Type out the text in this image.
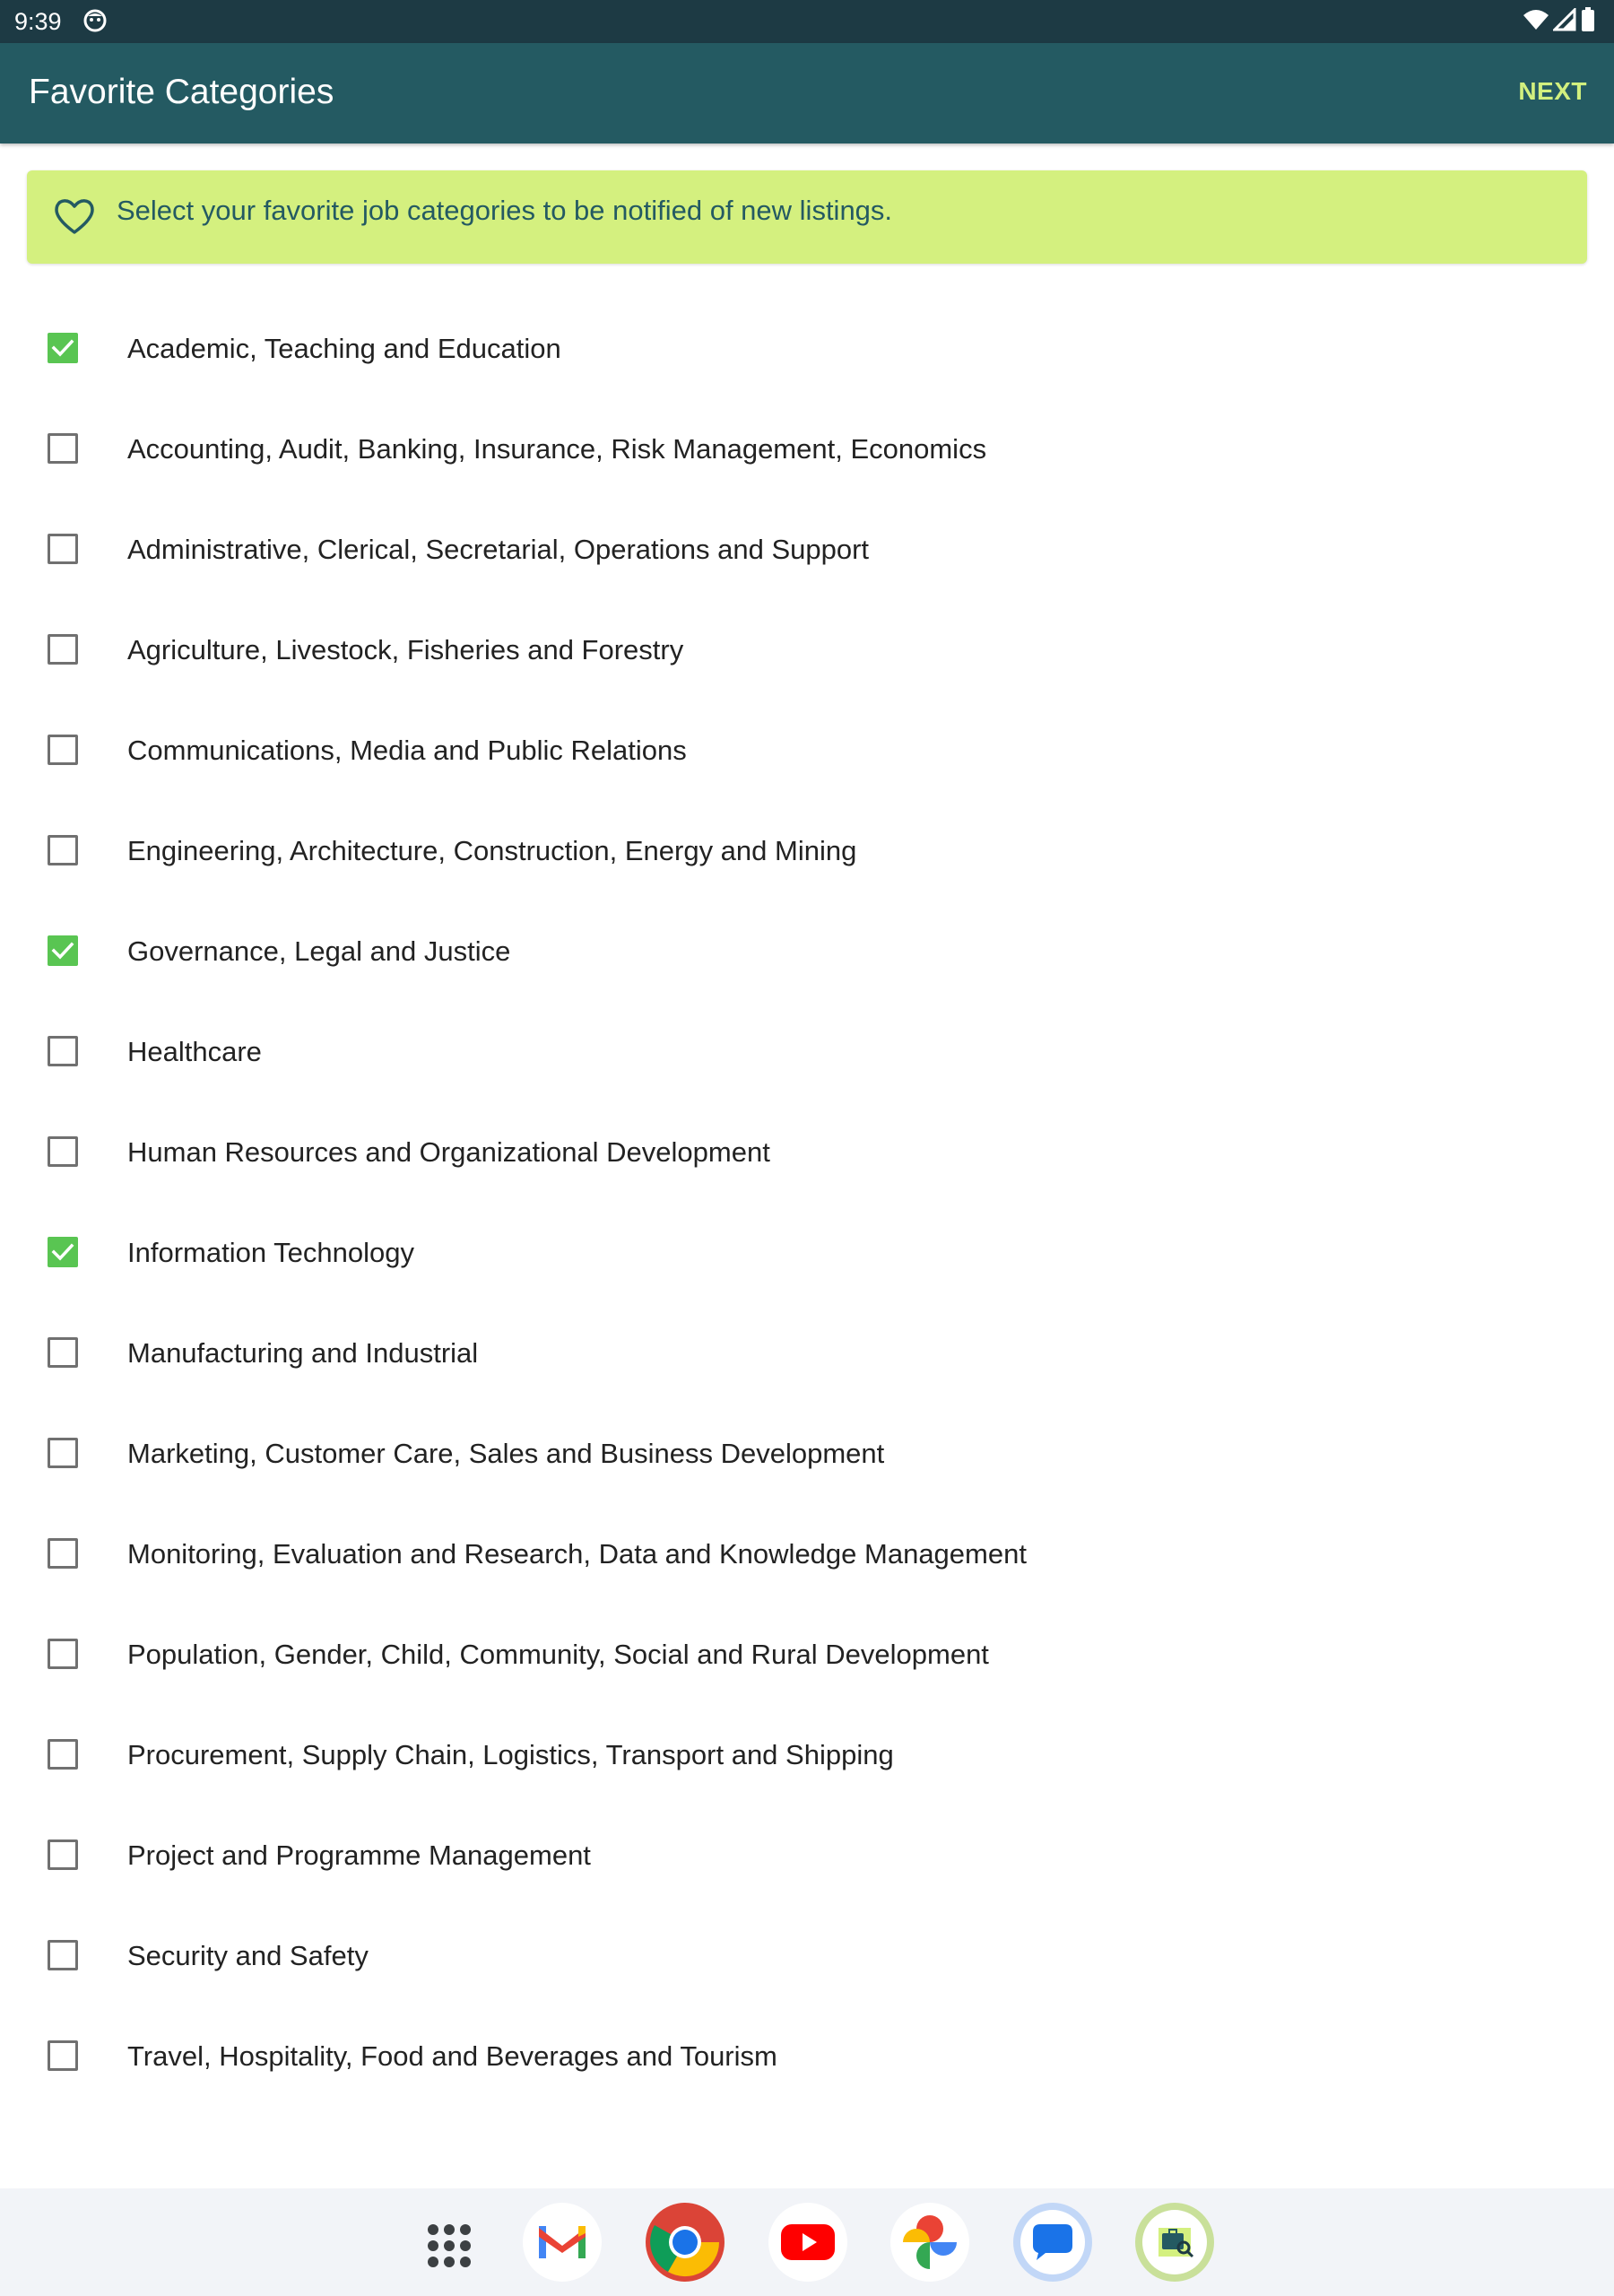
9:39
Favorite Categories	NEXT
Select your favorite job categories to be notified of new listings.
Academic, Teaching and Education
Accounting, Audit, Banking, Insurance, Risk Management, Economics
Administrative, Clerical, Secretarial, Operations and Support
Agriculture, Livestock, Fisheries and Forestry
Communications, Media and Public Relations
Engineering, Architecture, Construction, Energy and Mining
Governance, Legal and Justice
Healthcare
Human Resources and Organizational Development
Information Technology
Manufacturing and Industrial
Marketing, Customer Care, Sales and Business Development
Monitoring, Evaluation and Research, Data and Knowledge Management
Population, Gender, Child, Community, Social and Rural Development
Procurement, Supply Chain, Logistics, Transport and Shipping
Project and Programme Management
Security and Safety
Travel, Hospitality, Food and Beverages and Tourism
